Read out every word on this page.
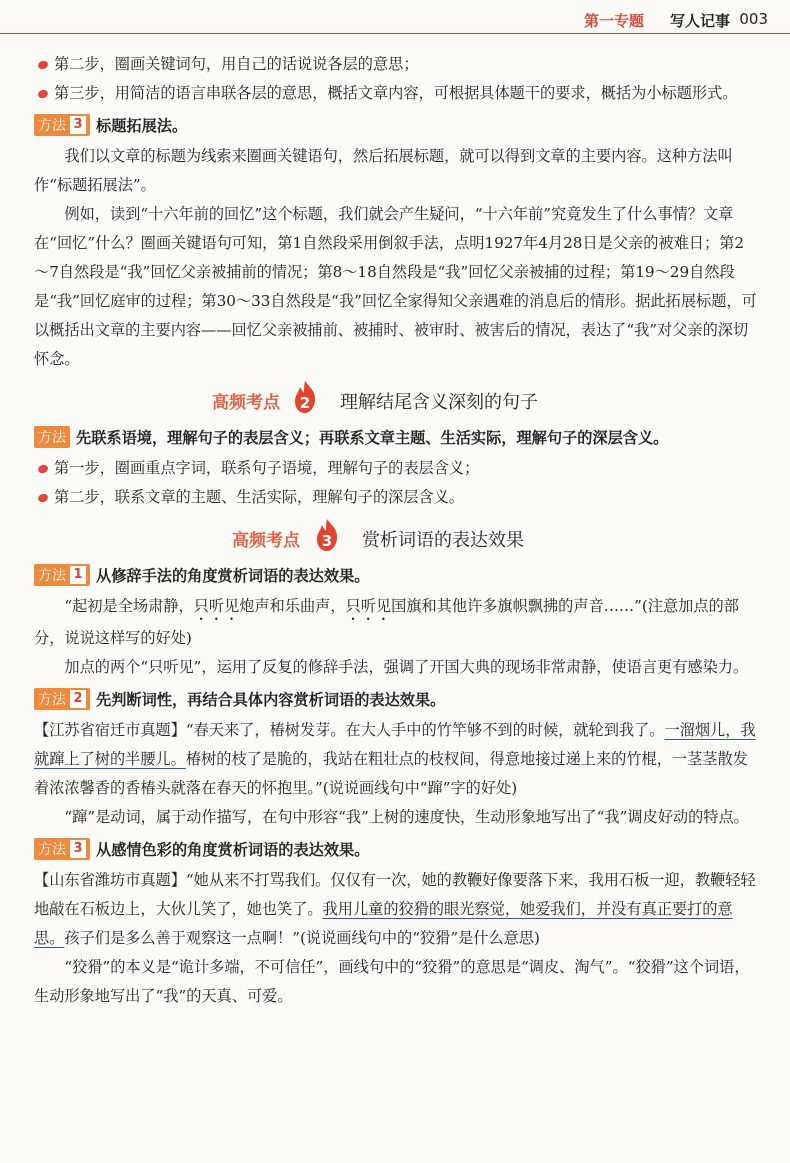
第一专题 写人记事 003

第二步，圈画关键词句，用自己的话说说各层的意思；

第三步，用简洁的语言串联各层的意思，概括文章内容，可根据具体题干的要求，概括为小标题形式。

方法 3 标题拓展法。

我们以文章的标题为线索来圈画关键语句，然后拓展标题，就可以得到文章的主要内容。这种方法叫作“标题拓展法”。

例如，读到“十六年前的回忆”这个标题，我们就会产生疑问，“十六年前”究竟发生了什么事情？文章在“回忆”什么？圈画关键语句可知，第1自然段采用倒叙手法，点明1927年4月28日是父亲的被难日；第2～7自然段是“我”回忆父亲被捕前的情况；第8～18自然段是“我”回忆父亲被捕的过程；第19～29自然段是“我”回忆庭审的过程；第30～33自然段是“我”回忆全家得知父亲遇难的消息后的情形。据此拓展标题，可以概括出文章的主要内容——回忆父亲被捕前、被捕时、被审时、被害后的情况，表达了“我”对父亲的深切怀念。

高频考点 2 理解结尾含义深刻的句子
方法 先联系语境，理解句子的表层含义；再联系文章主题、生活实际，理解句子的深层含义。

第一步，圈画重点字词，联系句子语境，理解句子的表层含义；

第二步，联系文章的主题、生活实际，理解句子的深层含义。

高频考点 3 赏析词语的表达效果
方法 1 从修辞手法的角度赏析词语的表达效果。

“起初是全场肃静，只听见炮声和乐曲声，只听见国旗和其他许多旗帜飘拂的声音……”(注意加点的部分，说说这样写的好处)

加点的两个“只听见”，运用了反复的修辞手法，强调了开国大典的现场非常肃静，使语言更有感染力。

方法 2 先判断词性，再结合具体内容赏析词语的表达效果。

【江苏省宿迁市真题】“春天来了，椿树发芽。在大人手中的竹竿够不到的时候，就轮到我了。一溜烟儿，我就蹿上了树的半腰儿。椿树的枝了是脆的，我站在粗壮点的枝杈间，得意地接过递上来的竹棍，一茎茎散发着浓浓馨香的香椿头就落在春天的怀抱里。”(说说画线句中“蹿”字的好处)

“蹿”是动词，属于动作描写，在句中形容“我”上树的速度快，生动形象地写出了“我”调皮好动的特点。

方法 3 从感情色彩的角度赏析词语的表达效果。

【山东省潍坊市真题】“她从来不打骂我们。仅仅有一次，她的教鞭好像要落下来，我用石板一迎，教鞭轻轻地敲在石板边上，大伙儿笑了，她也笑了。我用儿童的狡猾的眼光察觉，她爱我们，并没有真正要打的意思。孩子们是多么善于观察这一点啊！”(说说画线句中的“狡猾”是什么意思)

“狡猾”的本义是“诡计多端，不可信任”，画线句中的“狡猾”的意思是“调皮、淘气”。“狡猾”这个词语，生动形象地写出了“我”的天真、可爱。
